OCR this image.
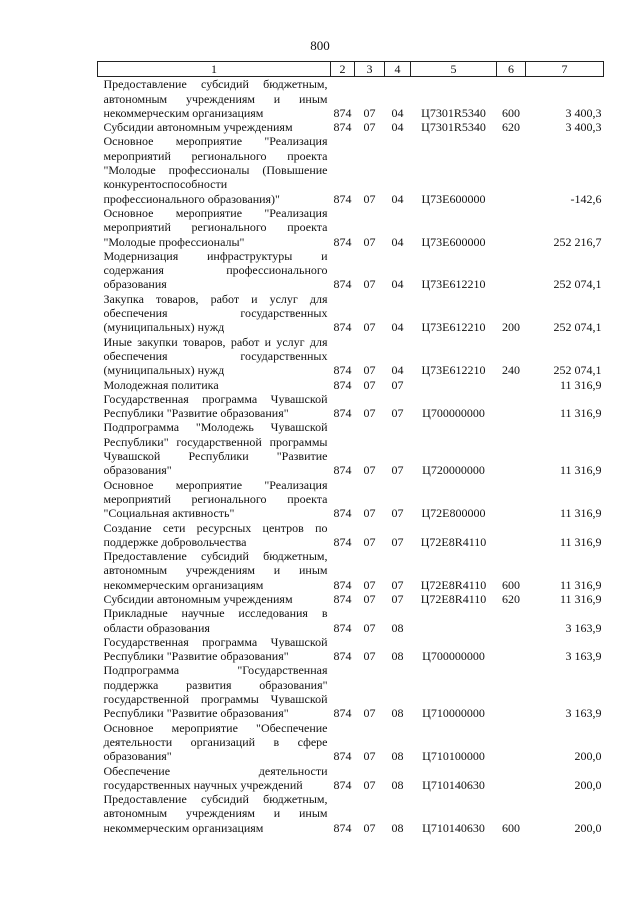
800
1	2	3	4	5	6	7
Предоставление субсидий бюджетным, автономным учреждениям и иным некоммерческим организациям	874	07	04	Ц7301R5340	600	3 400,3
Субсидии автономным учреждениям	874	07	04	Ц7301R5340	620	3 400,3
Основное мероприятие "Реализация мероприятий регионального проекта "Молодые профессионалы (Повышение конкурентоспособности профессионального образования)"	874	07	04	Ц73Е600000		-142,6
Основное мероприятие "Реализация мероприятий регионального проекта "Молодые профессионалы"	874	07	04	Ц73Е600000		252 216,7
Модернизация инфраструктуры и содержания профессионального образования	874	07	04	Ц73Е612210		252 074,1
Закупка товаров, работ и услуг для обеспечения государственных (муниципальных) нужд	874	07	04	Ц73Е612210	200	252 074,1
Иные закупки товаров, работ и услуг для обеспечения государственных (муниципальных) нужд	874	07	04	Ц73Е612210	240	252 074,1
Молодежная политика	874	07	07			11 316,9
Государственная программа Чувашской Республики "Развитие образования"	874	07	07	Ц700000000		11 316,9
Подпрограмма "Молодежь Чувашской Республики" государственной программы Чувашской Республики "Развитие образования"	874	07	07	Ц720000000		11 316,9
Основное мероприятие "Реализация мероприятий регионального проекта "Социальная активность"	874	07	07	Ц72Е800000		11 316,9
Создание сети ресурсных центров по поддержке добровольчества	874	07	07	Ц72Е8R4110		11 316,9
Предоставление субсидий бюджетным, автономным учреждениям и иным некоммерческим организациям	874	07	07	Ц72Е8R4110	600	11 316,9
Субсидии автономным учреждениям	874	07	07	Ц72Е8R4110	620	11 316,9
Прикладные научные исследования в области образования	874	07	08			3 163,9
Государственная программа Чувашской Республики "Развитие образования"	874	07	08	Ц700000000		3 163,9
Подпрограмма "Государственная поддержка развития образования" государственной программы Чувашской Республики "Развитие образования"	874	07	08	Ц710000000		3 163,9
Основное мероприятие "Обеспечение деятельности организаций в сфере образования"	874	07	08	Ц710100000		200,0
Обеспечение деятельности государственных научных учреждений	874	07	08	Ц710140630		200,0
Предоставление субсидий бюджетным, автономным учреждениям и иным некоммерческим организациям	874	07	08	Ц710140630	600	200,0
